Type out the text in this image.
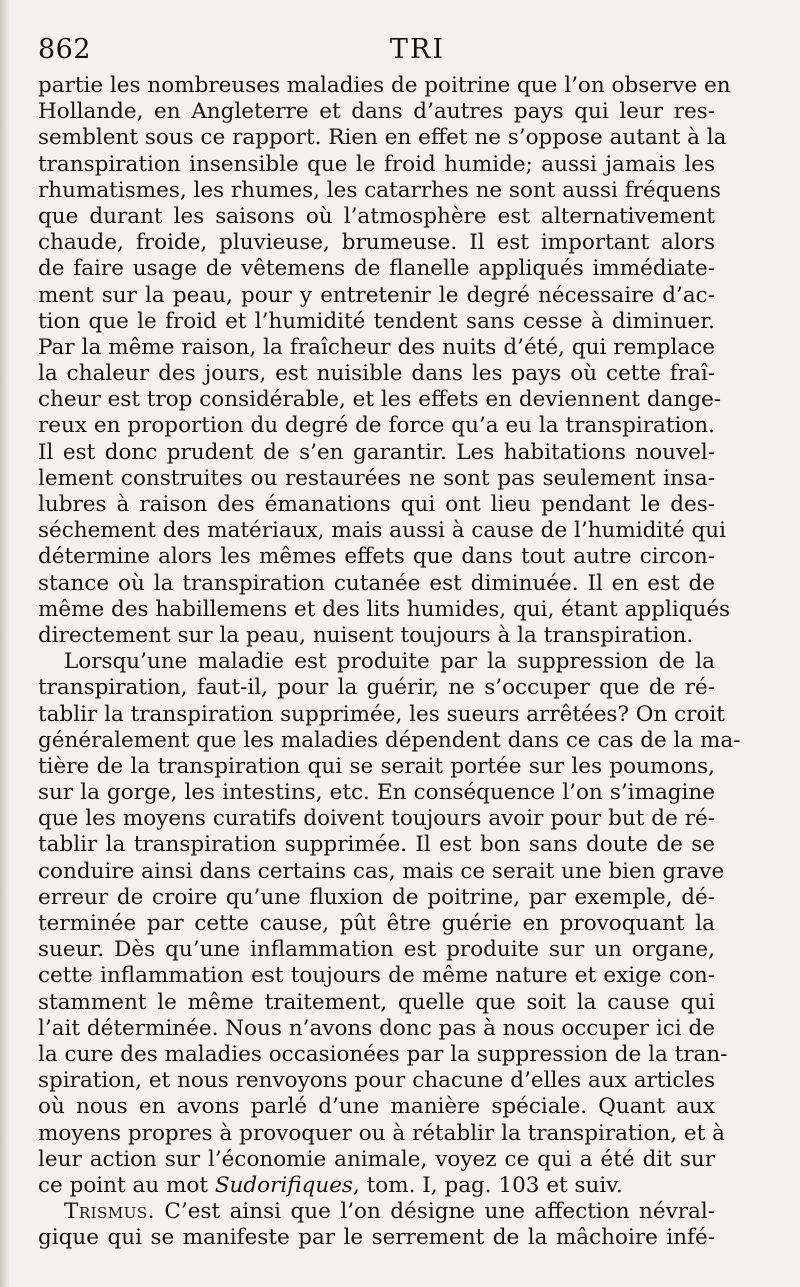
862	TRI
partie les nombreuses maladies de poitrine que l’on observe en
Hollande, en Angleterre et dans d’autres pays qui leur res-
semblent sous ce rapport. Rien en effet ne s’oppose autant à la
transpiration insensible que le froid humide; aussi jamais les
rhumatismes, les rhumes, les catarrhes ne sont aussi fréquens
que durant les saisons où l’atmosphère est alternativement
chaude, froide, pluvieuse, brumeuse. Il est important alors
de faire usage de vêtemens de flanelle appliqués immédiate-
ment sur la peau, pour y entretenir le degré nécessaire d’ac-
tion que le froid et l’humidité tendent sans cesse à diminuer.
Par la même raison, la fraîcheur des nuits d’été, qui remplace
la chaleur des jours, est nuisible dans les pays où cette fraî-
cheur est trop considérable, et les effets en deviennent dange-
reux en proportion du degré de force qu’a eu la transpiration.
Il est donc prudent de s’en garantir. Les habitations nouvel-
lement construites ou restaurées ne sont pas seulement insa-
lubres à raison des émanations qui ont lieu pendant le des-
séchement des matériaux, mais aussi à cause de l’humidité qui
détermine alors les mêmes effets que dans tout autre circon-
stance où la transpiration cutanée est diminuée. Il en est de
même des habillemens et des lits humides, qui, étant appliqués
directement sur la peau, nuisent toujours à la transpiration.
Lorsqu’une maladie est produite par la suppression de la
transpiration, faut-il, pour la guérir, ne s’occuper que de ré-
tablir la transpiration supprimée, les sueurs arrêtées? On croit
généralement que les maladies dépendent dans ce cas de la ma-
tière de la transpiration qui se serait portée sur les poumons,
sur la gorge, les intestins, etc. En conséquence l’on s’imagine
que les moyens curatifs doivent toujours avoir pour but de ré-
tablir la transpiration supprimée. Il est bon sans doute de se
conduire ainsi dans certains cas, mais ce serait une bien grave
erreur de croire qu’une fluxion de poitrine, par exemple, dé-
terminée par cette cause, pût être guérie en provoquant la
sueur. Dès qu’une inflammation est produite sur un organe,
cette inflammation est toujours de même nature et exige con-
stamment le même traitement, quelle que soit la cause qui
l’ait déterminée. Nous n’avons donc pas à nous occuper ici de
la cure des maladies occasionées par la suppression de la tran-
spiration, et nous renvoyons pour chacune d’elles aux articles
où nous en avons parlé d’une manière spéciale. Quant aux
moyens propres à provoquer ou à rétablir la transpiration, et à
leur action sur l’économie animale, voyez ce qui a été dit sur
ce point au mot Sudorifiques, tom. I, pag. 103 et suiv.
Trismus. C’est ainsi que l’on désigne une affection névral-
gique qui se manifeste par le serrement de la mâchoire infé-
